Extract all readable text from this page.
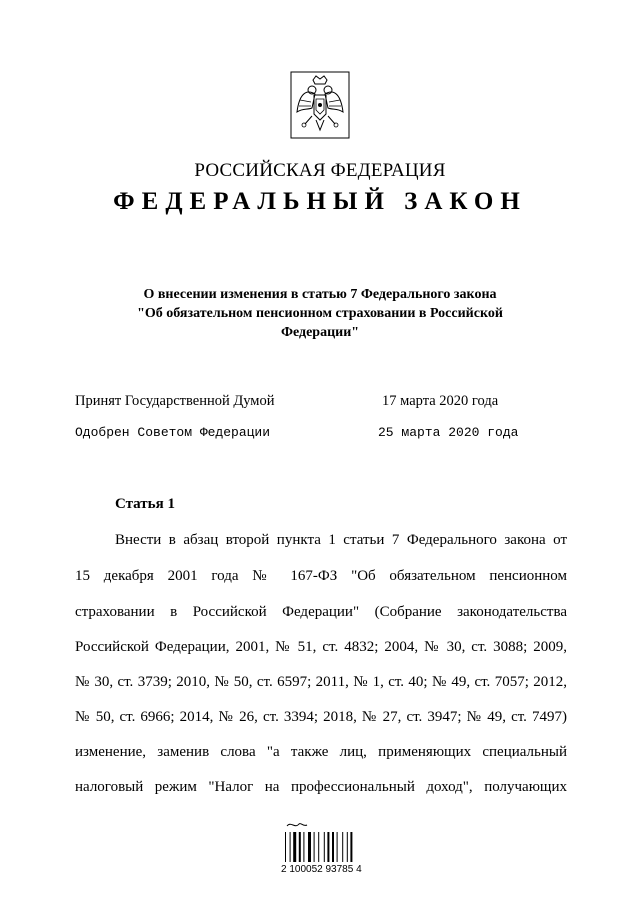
РОССИЙСКАЯ ФЕДЕРАЦИЯ
ФЕДЕРАЛЬНЫЙ ЗАКОН
О внесении изменения в статью 7 Федерального закона
"Об обязательном пенсионном страховании в Российской
Федерации"
Принят Государственной Думой	17 марта 2020 года
Одобрен Советом Федерации	25 марта 2020 года
Статья 1
Внести в абзац второй пункта 1 статьи 7 Федерального закона от
15 декабря 2001 года № 167-ФЗ "Об обязательном пенсионном
страховании в Российской Федерации" (Собрание законодательства
Российской Федерации, 2001, № 51, ст. 4832; 2004, № 30, ст. 3088; 2009,
№ 30, ст. 3739; 2010, № 50, ст. 6597; 2011, № 1, ст. 40; № 49, ст. 7057; 2012,
№ 50, ст. 6966; 2014, № 26, ст. 3394; 2018, № 27, ст. 3947; № 49, ст. 7497)
изменение, заменив слова "а также лиц, применяющих специальный
налоговый режим "Налог на профессиональный доход", получающих
2 100052 93785 4
